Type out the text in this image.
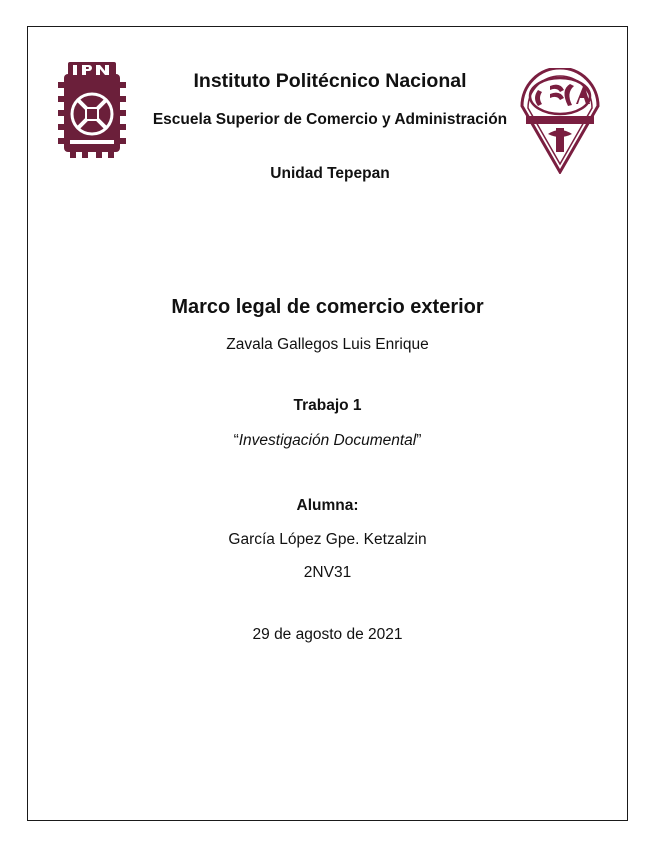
Instituto Politécnico Nacional
Escuela Superior de Comercio y Administración
Unidad Tepepan
Marco legal de comercio exterior
Zavala Gallegos Luis Enrique
Trabajo 1
“Investigación Documental”
Alumna:
García López Gpe. Ketzalzin
2NV31
29 de agosto de 2021
